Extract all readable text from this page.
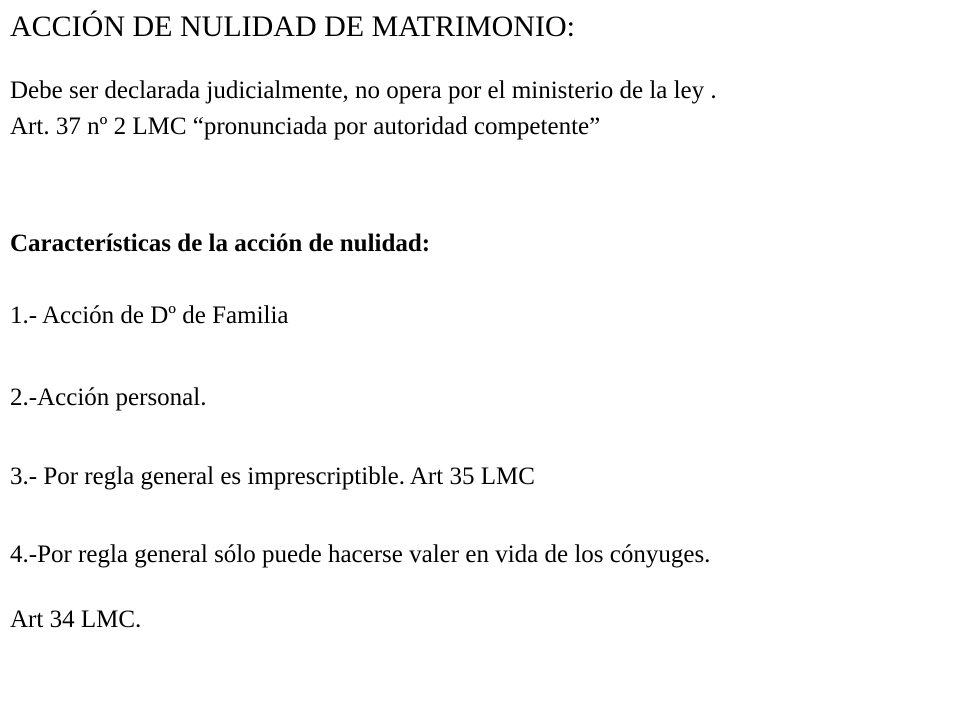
ACCIÓN DE NULIDAD DE MATRIMONIO:
Debe ser declarada judicialmente, no opera por el ministerio de la ley .
Art. 37 nº 2 LMC “pronunciada por autoridad competente”
Características de la acción de nulidad:
1.- Acción de Dº de Familia
2.-Acción personal.
3.- Por regla general es imprescriptible. Art 35 LMC
4.-Por regla general sólo puede hacerse valer en vida de los cónyuges.
Art 34 LMC.
